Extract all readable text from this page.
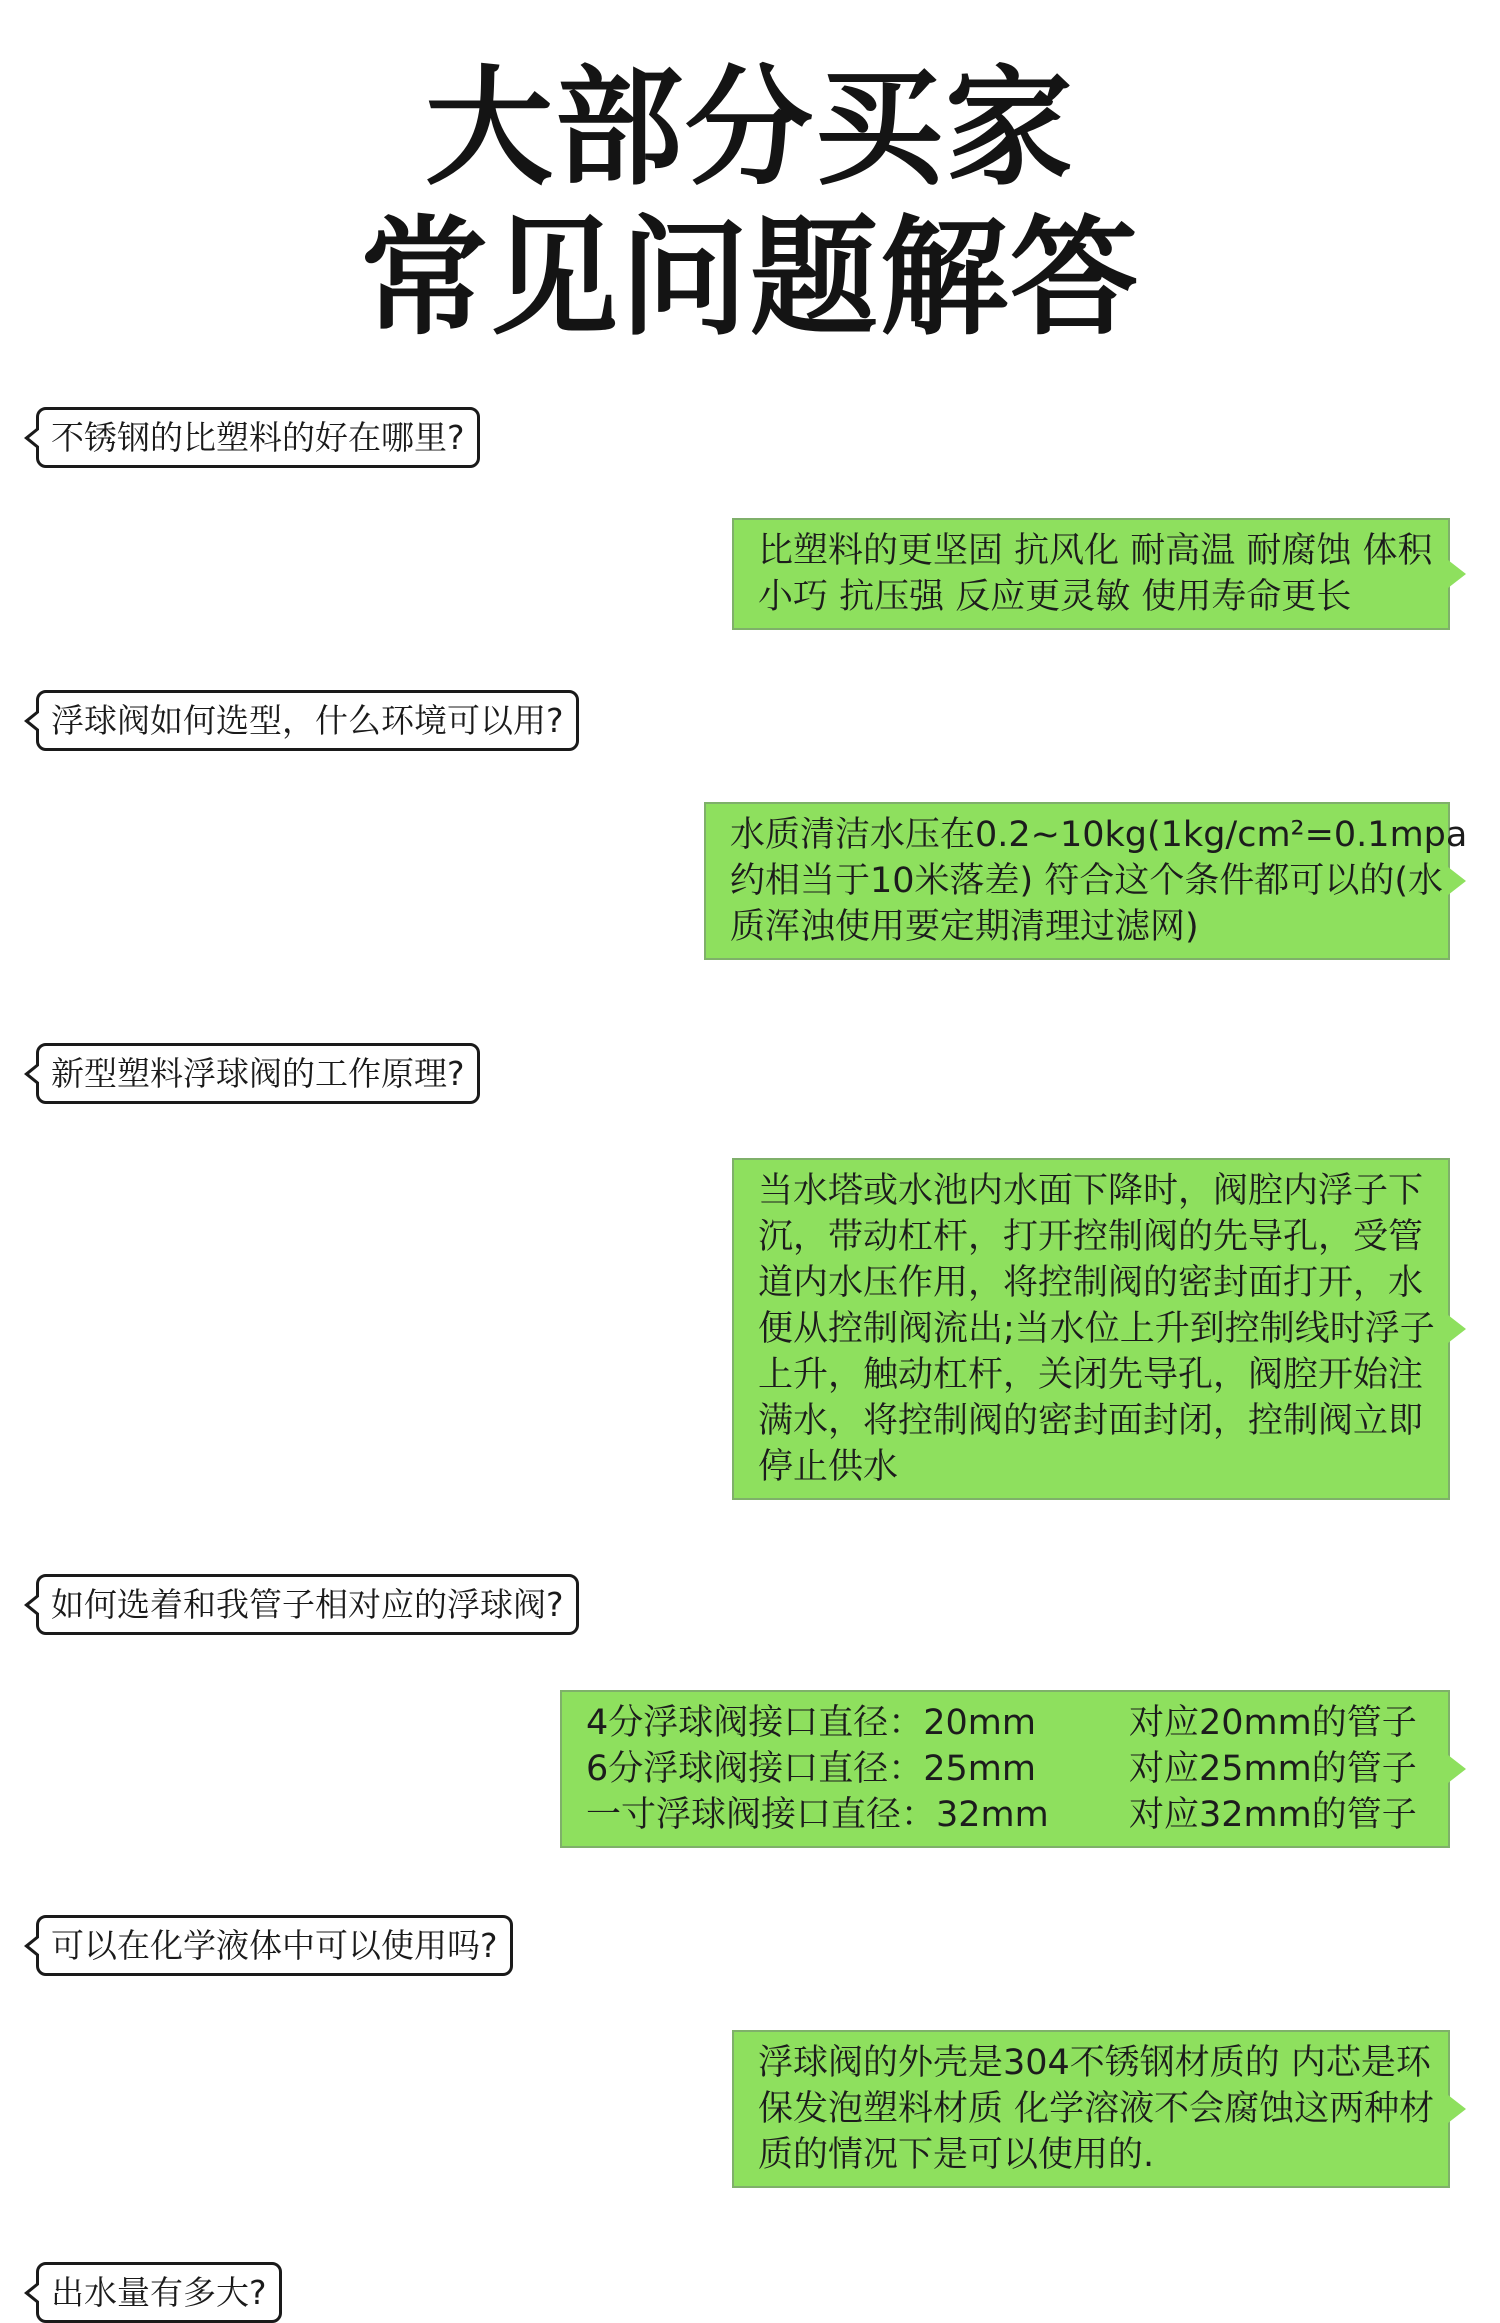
大部分买家
常见问题解答
不锈钢的比塑料的好在哪里?
比塑料的更坚固 抗风化 耐高温 耐腐蚀 体积
小巧 抗压强 反应更灵敏 使用寿命更长
浮球阀如何选型，什么环境可以用?
水质清洁水压在0.2~10kg(1kg/cm²=0.1mpa
约相当于10米落差) 符合这个条件都可以的(水
质浑浊使用要定期清理过滤网)
新型塑料浮球阀的工作原理?
当水塔或水池内水面下降时，阀腔内浮子下
沉，带动杠杆，打开控制阀的先导孔，受管
道内水压作用，将控制阀的密封面打开，水
便从控制阀流出;当水位上升到控制线时浮子
上升，触动杠杆，关闭先导孔，阀腔开始注
满水，将控制阀的密封面封闭，控制阀立即
停止供水
如何选着和我管子相对应的浮球阀?
4分浮球阀接口直径：20mm	对应20mm的管子
6分浮球阀接口直径：25mm	对应25mm的管子
一寸浮球阀接口直径：32mm	对应32mm的管子
可以在化学液体中可以使用吗?
浮球阀的外壳是304不锈钢材质的 内芯是环
保发泡塑料材质 化学溶液不会腐蚀这两种材
质的情况下是可以使用的.
出水量有多大?
